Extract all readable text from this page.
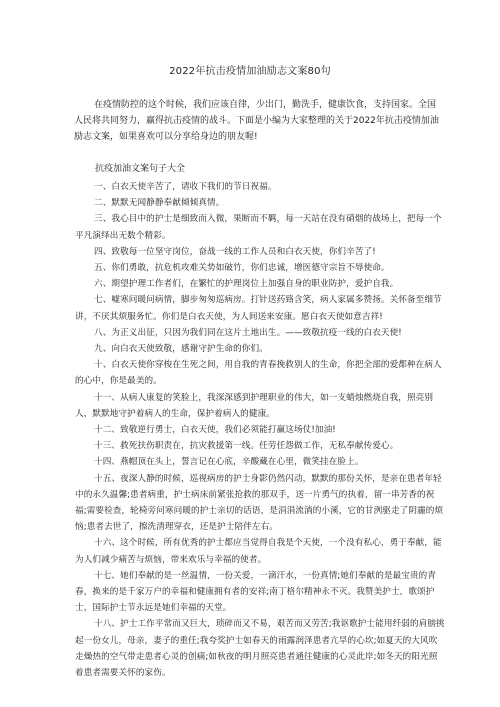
2022年抗击疫情加油励志文案80句

在疫情防控的这个时候，我们应该自律，少出门，勤洗手，健康饮食，支持国家。全国人民将共同努力，赢得抗击疫情的战斗。下面是小编为大家整理的关于2022年抗击疫情加油励志文案，如果喜欢可以分享给身边的朋友喔!

抗疫加油文案句子大全

一、白衣天使辛苦了，请收下我们的节日祝福。

二、默默无闻静静奉献倾倾真情。

三、我心目中的护士是细致而入微，果断而不羁，每一天站在没有硝烟的战场上，把每一个平凡演绎出无数个精彩。

四、致敬每一位坚守岗位，奋战一线的工作人员和白衣天使，你们辛苦了!

五、你们勇敢，抗危机攻难关势如破竹，你们忠诚，增医德守宗旨不辱使命。

六、期望护理工作者们，在繁忙的护理岗位上加强自身的职业防护，爱护自我。

七、嘘寒问暖问病情，脚步匆匆巡病房。打针送药臵含笑，病人家属多赞扬。关怀备至细节讲，不厌其烦服务忙。你们是白衣天使，为人间送来安康。愿白衣天使如意吉祥!

八、为正义出征，只因为我们同在这片土地出生。——致敬抗疫一线的白衣天使!

九、向白衣天使致敬，感谢守护生命的你们。

十、白衣天使你穿梭在生死之间，用自我的青春挽救别人的生命，你把全部的爱都种在病人的心中，你是最美的。

十一、从病人康复的笑脸上，我深深感到护理职业的伟大，如一支蜡烛燃烧自我，照亮别人，默默地守护着病人的生命，保护着病人的健康。

十二、致敬逆行勇士，白衣天使，我们必须能打赢这场仗!加油!

十三、救死扶伤职责在，抗灾救援第一线。任劳任怨做工作，无私奉献传爱心。

十四、燕帽顶在头上，誓言记在心底，辛酸藏在心里，微笑挂在脸上。

十五、夜深人静的时候，巡视病房的护士身影仍然闪动，默默的那份关怀，是亲在患者年轻中的永久温馨;患者病重，护士病床前紧张抢救的那双手，送一片勇气的执着，留一串芳香的祝福;需要检查，轮椅旁问寒问暖的护士亲切的话语，是涓涓流淌的小溪，它的甘洌驱走了阴霾的烦恼;患者去世了，擦洗清理穿衣，还是护士陪伴左右。

十六、这个时候，所有优秀的护士都应当觉得自我是个天使，一个没有私心，勇于奉献，能为人们减少痛苦与烦恼，带来欢乐与幸福的使者。

十七、她们奉献的是一丝温情，一份关爱，一滴汗水，一份真情;她们奉献的是最宝贵的青春，换来的是千家万户的幸福和健康拥有者的安祥;南丁格尔精神永不灭。我赞美护士，歌颂护士，国际护士节永远是她们幸福的天堂。

十八、护士工作平常而又巨大，琐碎而又不易，艰苦而又劳苦;我讴歌护士能用纤弱的肩膀挑起一份女儿，母亲，妻子的重任;我夸奖护士如春天的雨露润泽患者亢旱的心坎;如夏天的大风吹走燥热的空气带走患者心灵的创痛;如秋夜的明月照亮患者通往健康的心灵此岸;如冬天的阳光照着患者需要关怀的家伤。
